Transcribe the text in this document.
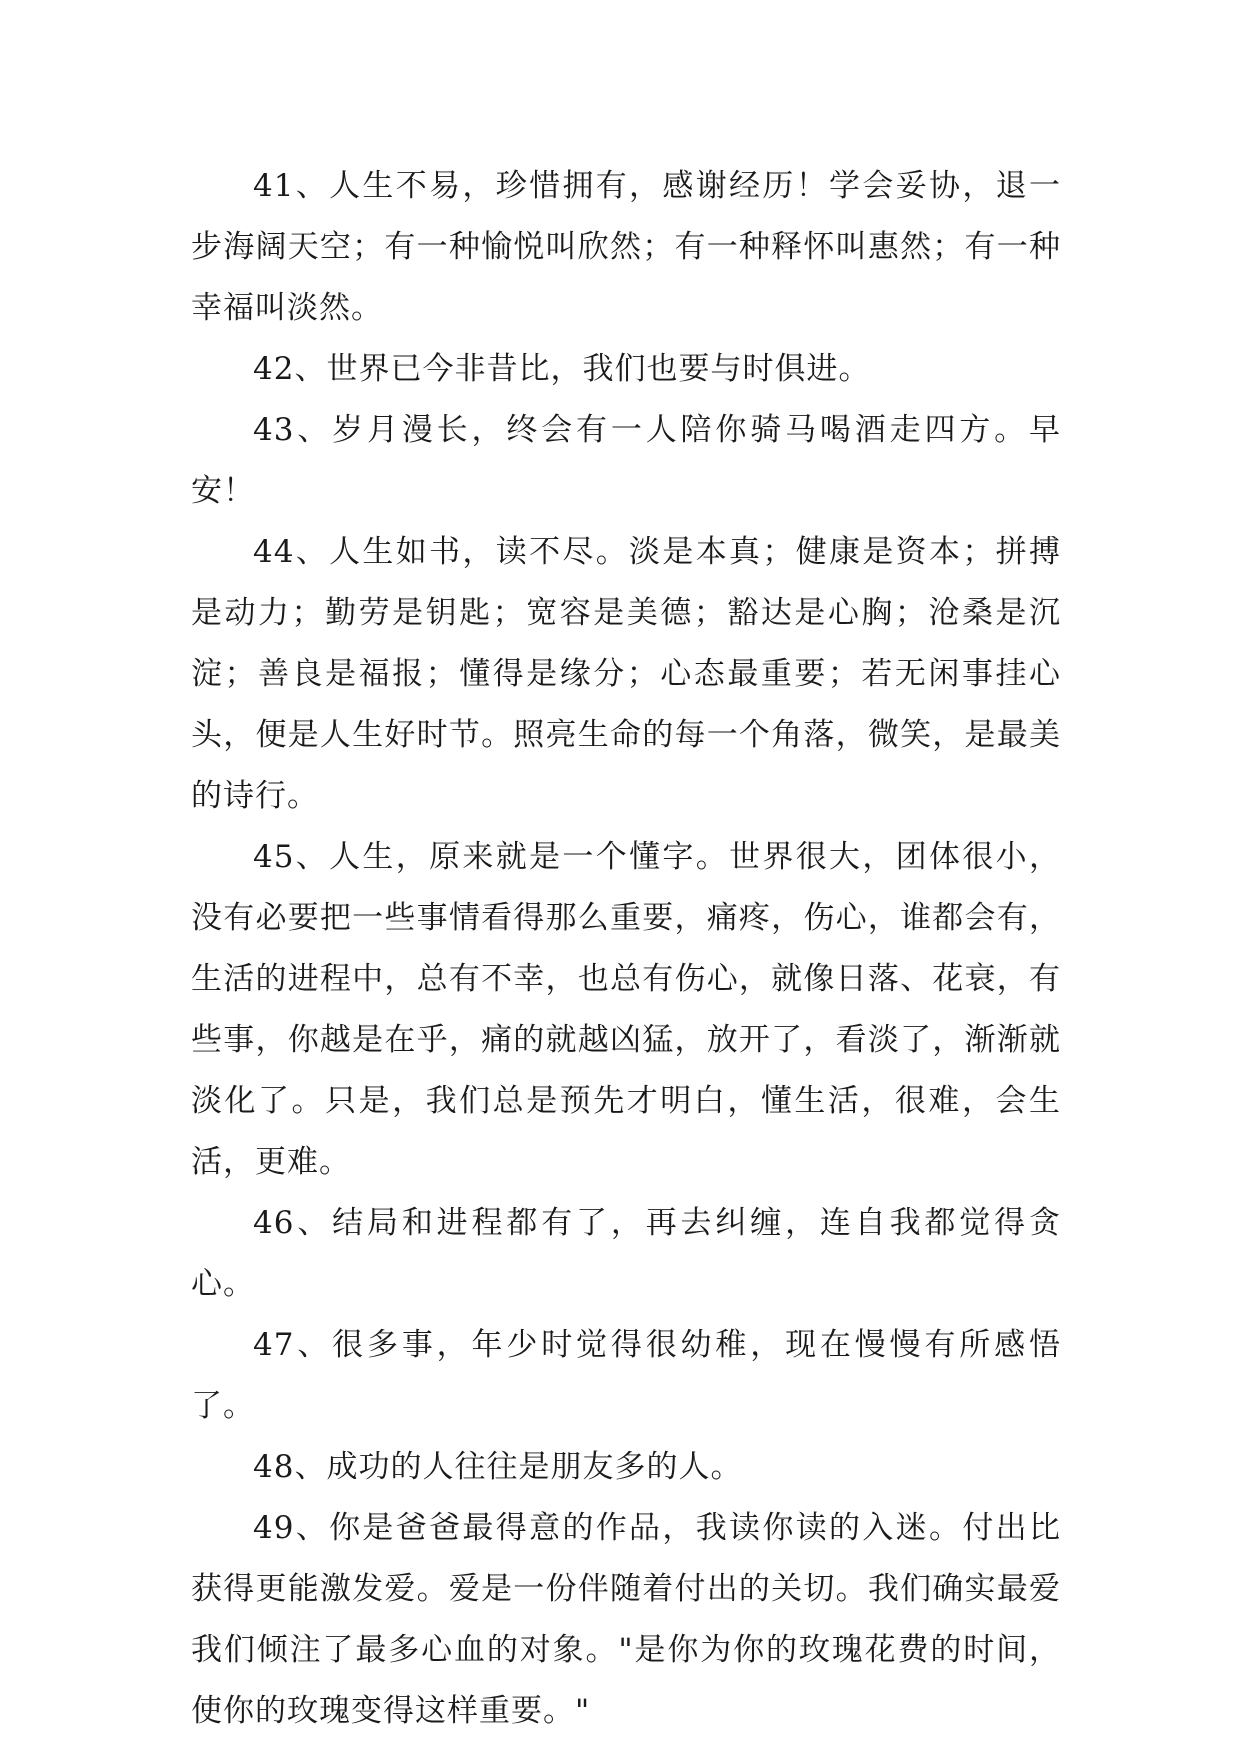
41、人生不易，珍惜拥有，感谢经历！学会妥协，退一步海阔天空；有一种愉悦叫欣然；有一种释怀叫惠然；有一种幸福叫淡然。

42、世界已今非昔比，我们也要与时俱进。

43、岁月漫长，终会有一人陪你骑马喝酒走四方。早安！

44、人生如书，读不尽。淡是本真；健康是资本；拼搏是动力；勤劳是钥匙；宽容是美德；豁达是心胸；沧桑是沉淀；善良是福报；懂得是缘分；心态最重要；若无闲事挂心头，便是人生好时节。照亮生命的每一个角落，微笑，是最美的诗行。

45、人生，原来就是一个懂字。世界很大，团体很小，没有必要把一些事情看得那么重要，痛疼，伤心，谁都会有，生活的进程中，总有不幸，也总有伤心，就像日落、花衰，有些事，你越是在乎，痛的就越凶猛，放开了，看淡了，渐渐就淡化了。只是，我们总是预先才明白，懂生活，很难，会生活，更难。

46、结局和进程都有了，再去纠缠，连自我都觉得贪心。

47、很多事，年少时觉得很幼稚，现在慢慢有所感悟了。

48、成功的人往往是朋友多的人。

49、你是爸爸最得意的作品，我读你读的入迷。付出比获得更能激发爱。爱是一份伴随着付出的关切。我们确实最爱我们倾注了最多心血的对象。"是你为你的玫瑰花费的时间，使你的玫瑰变得这样重要。"
